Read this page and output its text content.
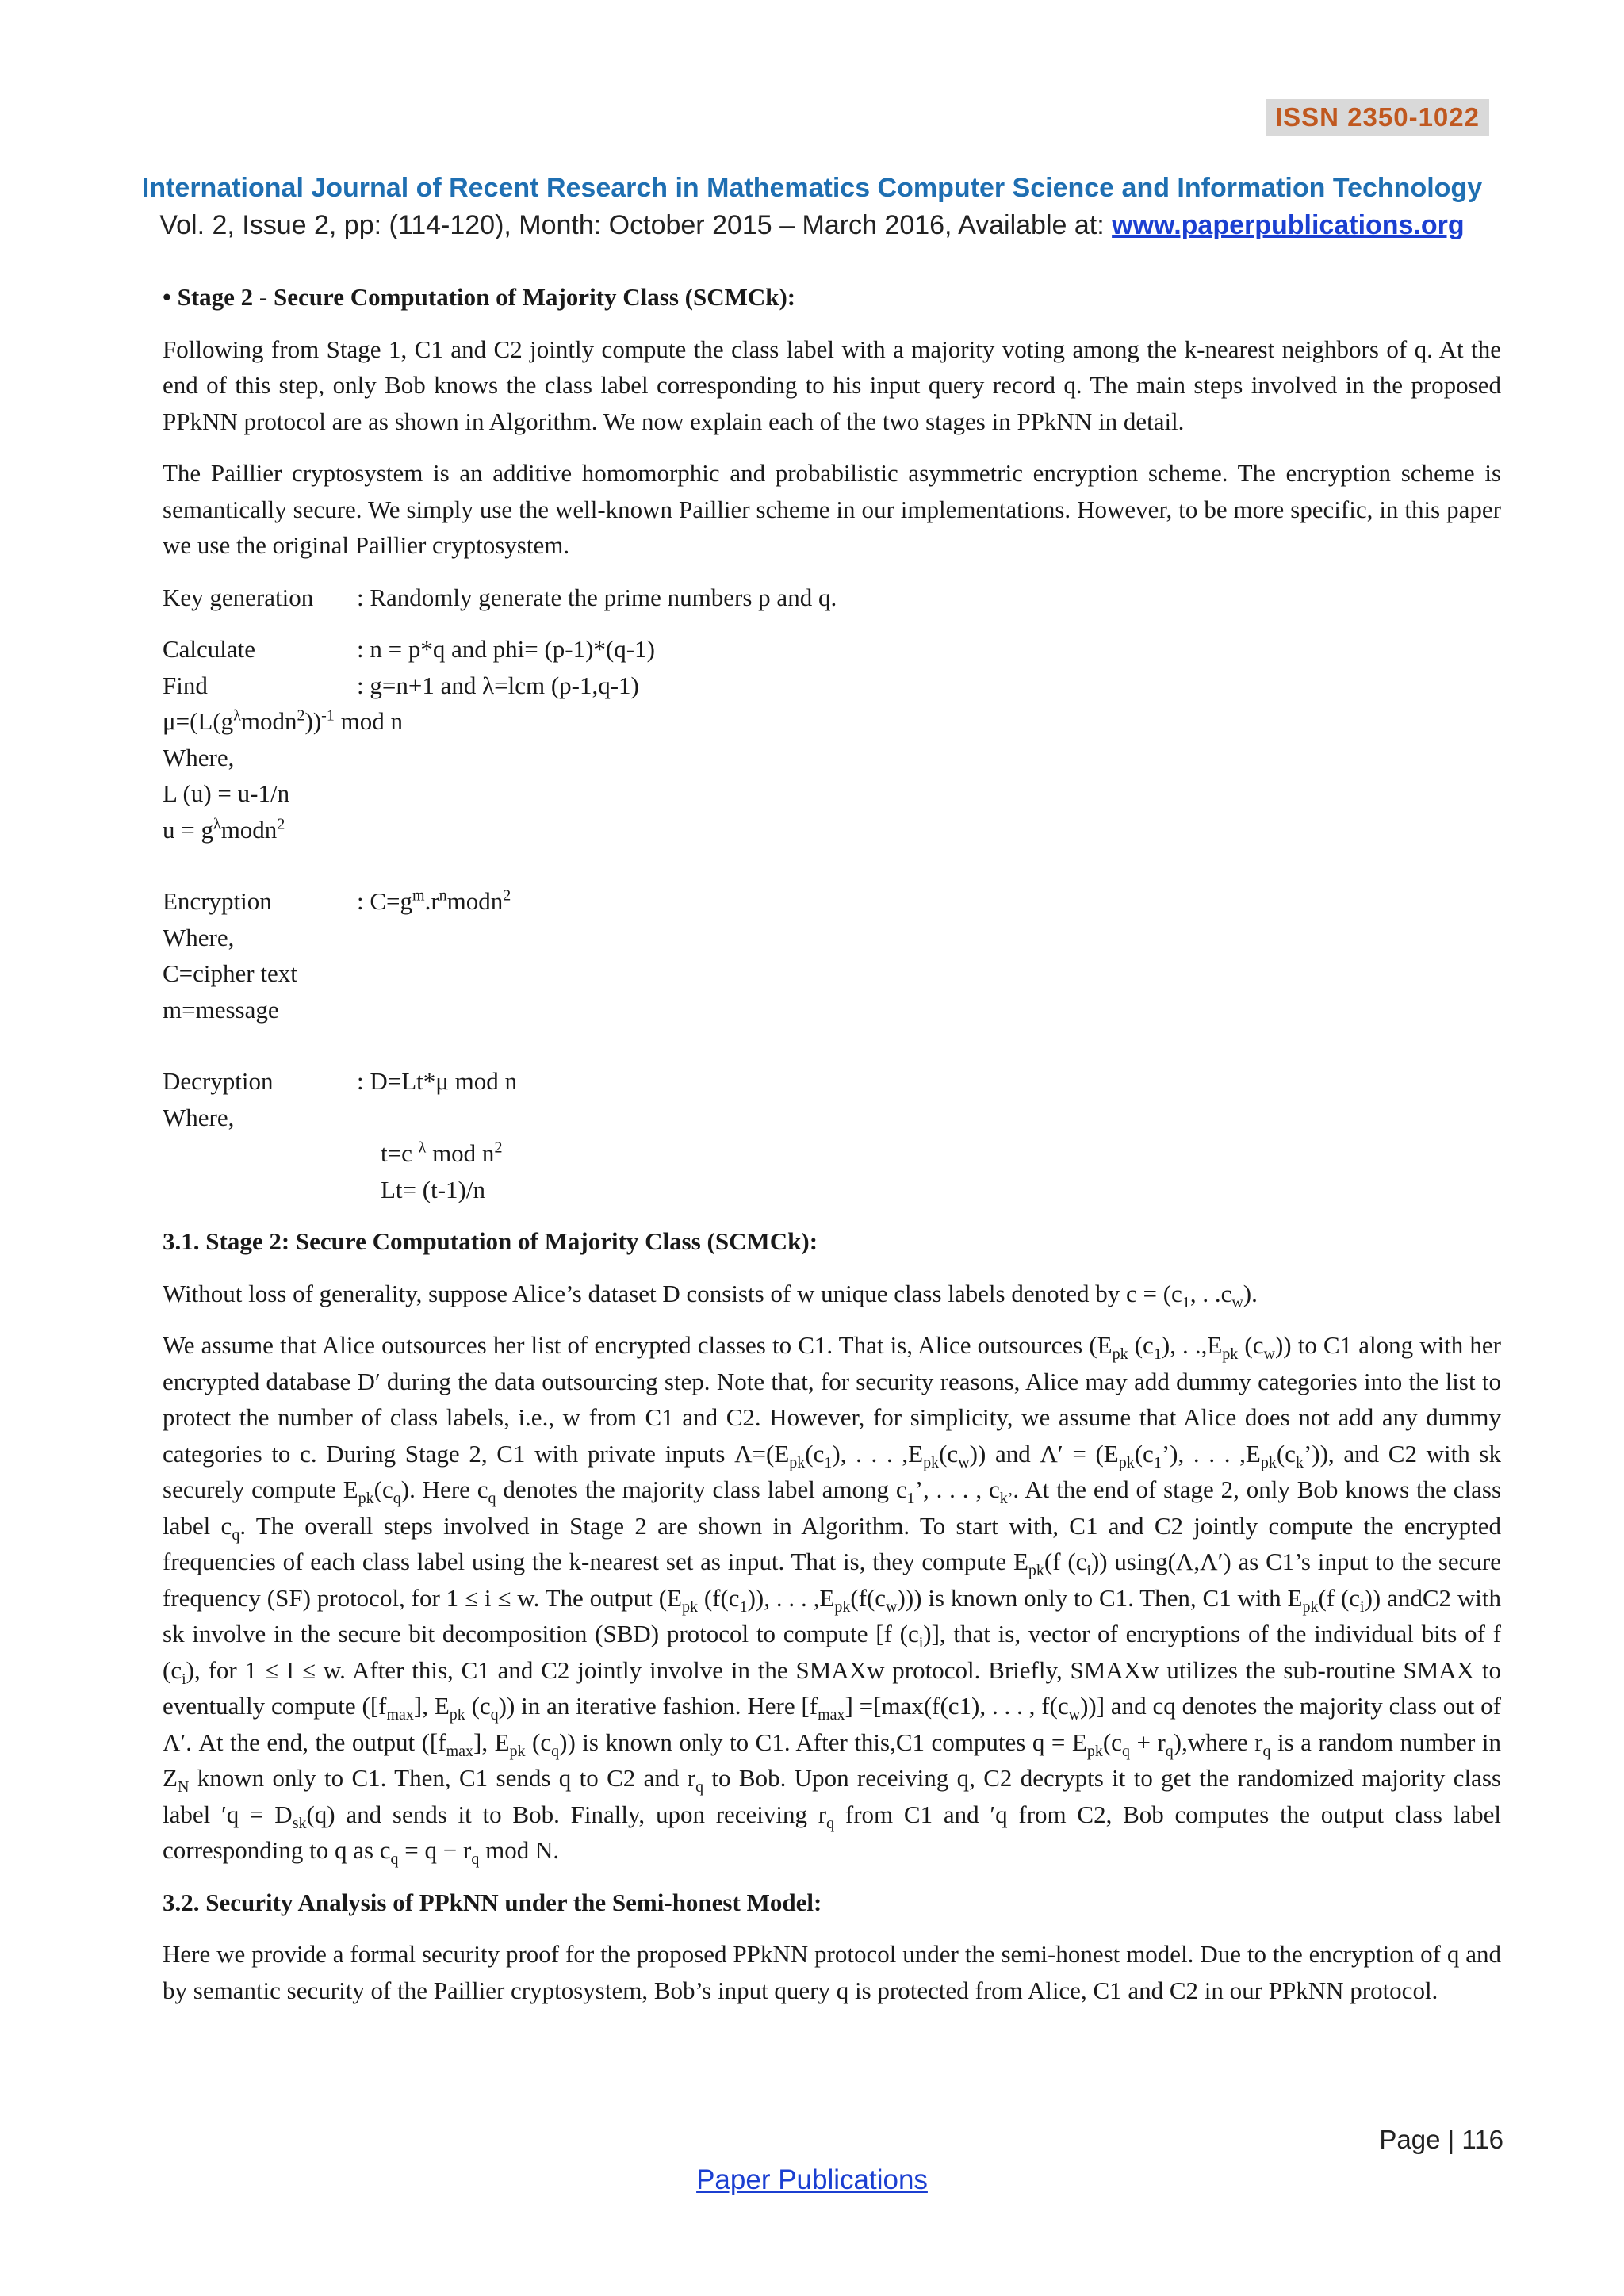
ISSN 2350-1022
International Journal of Recent Research in Mathematics Computer Science and Information Technology
Vol. 2, Issue 2, pp: (114-120), Month: October 2015 – March 2016, Available at: www.paperpublications.org
• Stage 2 - Secure Computation of Majority Class (SCMCk):

Following from Stage 1, C1 and C2 jointly compute the class label with a majority voting among the k-nearest neighbors of q. At the end of this step, only Bob knows the class label corresponding to his input query record q. The main steps involved in the proposed PPkNN protocol are as shown in Algorithm. We now explain each of the two stages in PPkNN in detail.

The Paillier cryptosystem is an additive homomorphic and probabilistic asymmetric encryption scheme. The encryption scheme is semantically secure. We simply use the well-known Paillier scheme in our implementations. However, to be more specific, in this paper we use the original Paillier cryptosystem.

Key generation	: Randomly generate the prime numbers p and q.
Calculate	: n = p*q and phi= (p-1)*(q-1)
Find	: g=n+1 and λ=lcm (p-1,q-1)
$\mu=(L(g^\lambda modn^2))^{-1}$ mod n
Where,
L (u) = u-1/n
$u = g^\lambda modn^2$
Encryption	: $C=g^m.r^nmodn^2$
Where,
C=cipher text
m=message
Decryption	: D=Lt*μ mod n
Where,
t=c $^\lambda$ mod $n^2$
Lt= (t-1)/n
3.1. Stage 2: Secure Computation of Majority Class (SCMCk):

Without loss of generality, suppose Alice’s dataset D consists of w unique class labels denoted by $c = (c_1$, . $.c_w$).

We assume that Alice outsources her list of encrypted classes to C1. That is, Alice outsources ($E_{pk}$ $(c_1)$, . $.,E_{pk}$ $(c_w)$) to C1 along with her encrypted database D′ during the data outsourcing step. Note that, for security reasons, Alice may add dummy categories into the list to protect the number of class labels, i.e., w from C1 and C2. However, for simplicity, we assume that Alice does not add any dummy categories to c. During Stage 2, C1 with private inputs $\Lambda=(E_{pk}(c_1)$, . . . $,E_{pk}(c_w)$) and $\Lambda' = (E_{pk}(c_1’)$, . . . $,E_{pk}(c_k’)$), and C2 with sk securely compute $E_{pk}(c_q)$. Here $c_q$ denotes the majority class label among $c_1$’, . . . , $c_{k’}$. At the end of stage 2, only Bob knows the class label $c_q$. The overall steps involved in Stage 2 are shown in Algorithm. To start with, C1 and C2 jointly compute the encrypted frequencies of each class label using the k-nearest set as input. That is, they compute $E_{pk}(f$ $(c_i)$) using(Λ,Λ′) as C1’s input to the secure frequency (SF) protocol, for 1 ≤ i ≤ w. The output ($E_{pk}$ $(f(c_1))$, . . . $,E_{pk}(f(c_w))$) is known only to C1. Then, C1 with $E_{pk}(f$ $(c_i)$) andC2 with sk involve in the secure bit decomposition (SBD) protocol to compute [f $(c_i)$], that is, vector of encryptions of the individual bits of f $(c_i)$, for 1 ≤ I ≤ w. After this, C1 and C2 jointly involve in the SMAXw protocol. Briefly, SMAXw utilizes the sub-routine SMAX to eventually compute ($[f_{max}]$, $E_{pk}$ $(c_q)$) in an iterative fashion. Here $[f_{max}] =[\max(f(c1)$, . . . , $f(c_w)$)] and cq denotes the majority class out of Λ′. At the end, the output ($[f_{max}]$, $E_{pk}$ $(c_q)$) is known only to C1. After this,C1 computes $q = E_{pk}(c_q$ + $r_q),where$ $r_q$ is a random number in $Z_N$ known only to C1. Then, C1 sends q to C2 and $r_q$ to Bob. Upon receiving q, C2 decrypts it to get the randomized majority class label $'q = D_{sk}(q)$ and sends it to Bob. Finally, upon receiving $r_q$ from C1 and ′q from C2, Bob computes the output class label corresponding to q as $c_q = q - r_q$ mod N.

3.2. Security Analysis of PPkNN under the Semi-honest Model:

Here we provide a formal security proof for the proposed PPkNN protocol under the semi-honest model. Due to the encryption of q and by semantic security of the Paillier cryptosystem, Bob’s input query q is protected from Alice, C1 and C2 in our PPkNN protocol.

Page | 116
Paper Publications
